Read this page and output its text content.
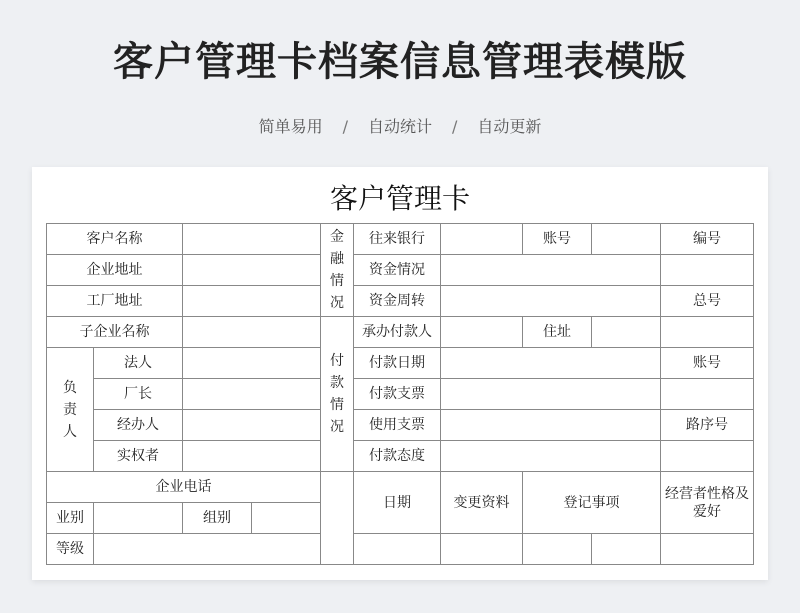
客户管理卡档案信息管理表模版
简单易用 / 自动统计 / 自动更新
客户管理卡
客户名称				金融情况	往来银行		账号		编号
企业地址					资金情况				
工厂地址					资金周转				总号
子企业名称				付款情况	承办付款人		住址		
负责人	法人				付款日期				账号
	厂长				付款支票				
	经办人				使用支票				路序号
	实权者				付款态度				
企业电话					日期	变更资料	登记事项		经营者性格及爱好
业别		组别							
等级									
